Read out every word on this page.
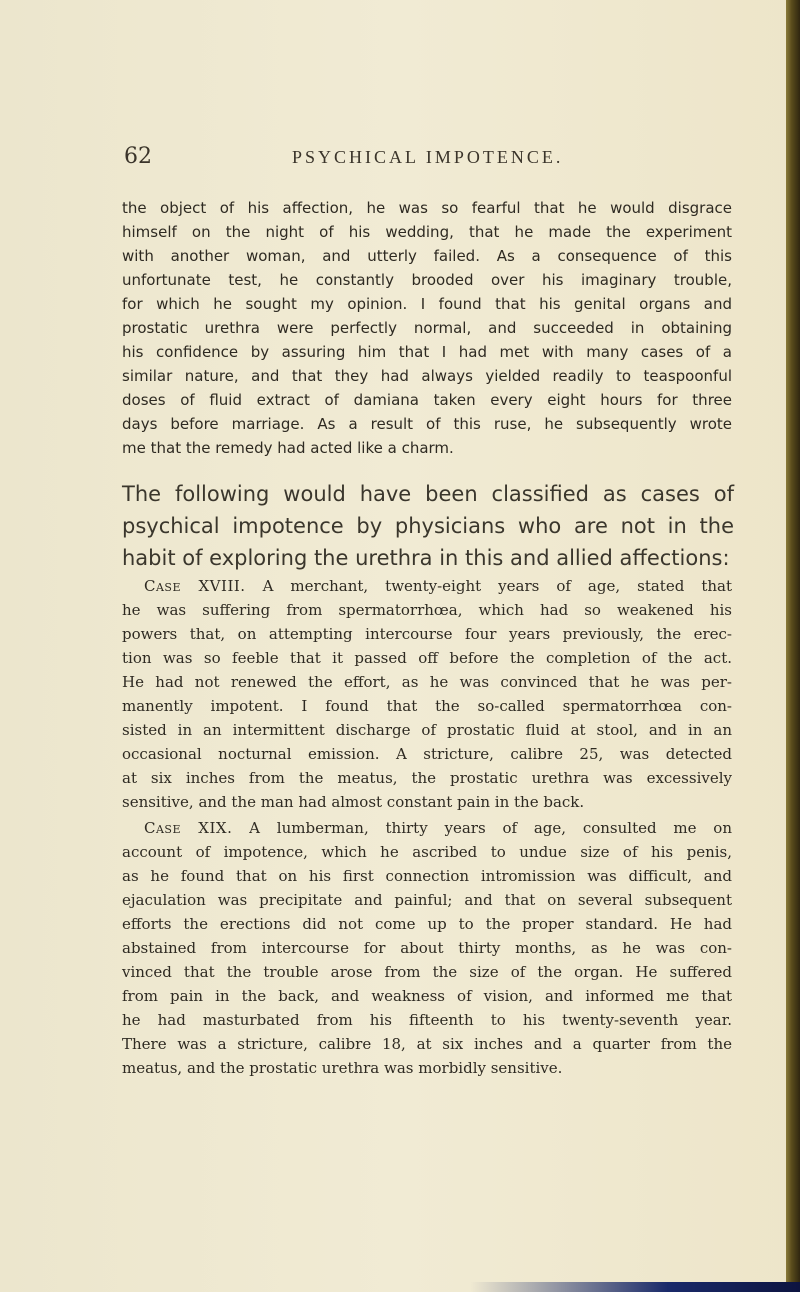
62	PSYCHICAL IMPOTENCE.
the object of his affection, he was so fearful that he would disgrace
himself on the night of his wedding, that he made the experiment
with another woman, and utterly failed. As a consequence of this
unfortunate test, he constantly brooded over his imaginary trouble,
for which he sought my opinion. I found that his genital organs and
prostatic urethra were perfectly normal, and succeeded in obtaining
his confidence by assuring him that I had met with many cases of a
similar nature, and that they had always yielded readily to teaspoonful
doses of fluid extract of damiana taken every eight hours for three
days before marriage. As a result of this ruse, he subsequently wrote
me that the remedy had acted like a charm.
The following would have been classified as cases of
psychical impotence by physicians who are not in the
habit of exploring the urethra in this and allied affections:
Case XVIII. A merchant, twenty-eight years of age, stated that
he was suffering from spermatorrhœa, which had so weakened his
powers that, on attempting intercourse four years previously, the erec-
tion was so feeble that it passed off before the completion of the act.
He had not renewed the effort, as he was convinced that he was per-
manently impotent. I found that the so-called spermatorrhœa con-
sisted in an intermittent discharge of prostatic fluid at stool, and in an
occasional nocturnal emission. A stricture, calibre 25, was detected
at six inches from the meatus, the prostatic urethra was excessively
sensitive, and the man had almost constant pain in the back.
Case XIX. A lumberman, thirty years of age, consulted me on
account of impotence, which he ascribed to undue size of his penis,
as he found that on his first connection intromission was difficult, and
ejaculation was precipitate and painful; and that on several subsequent
efforts the erections did not come up to the proper standard. He had
abstained from intercourse for about thirty months, as he was con-
vinced that the trouble arose from the size of the organ. He suffered
from pain in the back, and weakness of vision, and informed me that
he had masturbated from his fifteenth to his twenty-seventh year.
There was a stricture, calibre 18, at six inches and a quarter from the
meatus, and the prostatic urethra was morbidly sensitive.
